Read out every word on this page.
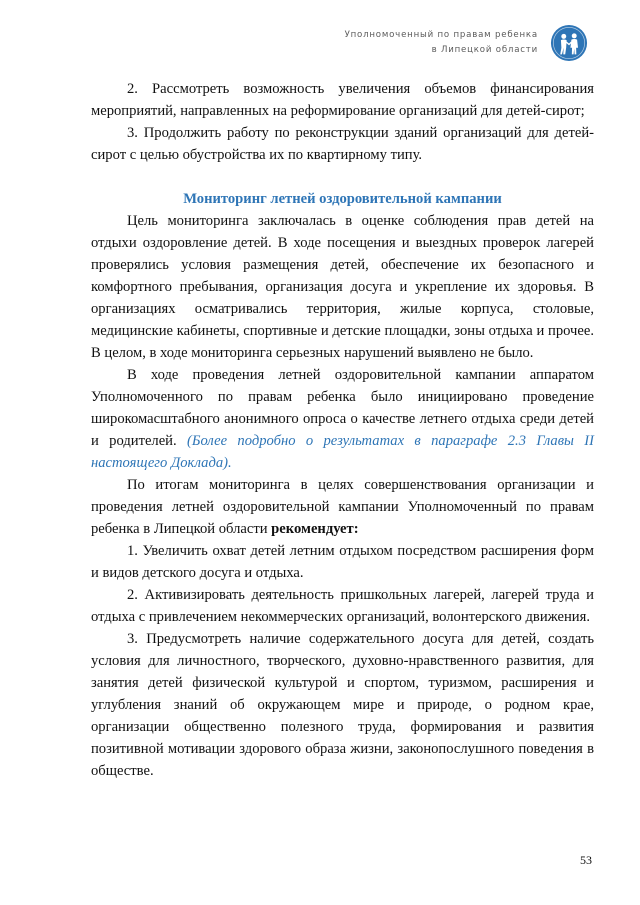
Уполномоченный по правам ребенка
в Липецкой области

2. Рассмотреть возможность увеличения объемов финансирования мероприятий, направленных на реформирование организаций для детей-сирот;

3. Продолжить работу по реконструкции зданий организаций для детей-сирот с целью обустройства их по квартирному типу.

Мониторинг летней оздоровительной кампании

Цель мониторинга заключалась в оценке соблюдения прав детей на отдыхи оздоровление детей. В ходе посещения и выездных проверок лагерей проверялись условия размещения детей, обеспечение их безопасного и комфортного пребывания, организация досуга и укрепление их здоровья. В организациях осматривались территория, жилые корпуса, столовые, медицинские кабинеты, спортивные и детские площадки, зоны отдыха и прочее. В целом, в ходе мониторинга серьезных нарушений выявлено не было.

В ходе проведения летней оздоровительной кампании аппаратом Уполномоченного по правам ребенка было инициировано проведение широкомасштабного анонимного опроса о качестве летнего отдыха среди детей и родителей. (Более подробно о результатах в параграфе 2.3 Главы II настоящего Доклада).

По итогам мониторинга в целях совершенствования организации и проведения летней оздоровительной кампании Уполномоченный по правам ребенка в Липецкой области рекомендует:

1. Увеличить охват детей летним отдыхом посредством расширения форм и видов детского досуга и отдыха.

2. Активизировать деятельность пришкольных лагерей, лагерей труда и отдыха с привлечением некоммерческих организаций, волонтерского движения.

3. Предусмотреть наличие содержательного досуга для детей, создать условия для личностного, творческого, духовно-нравственного развития, для занятия детей физической культурой и спортом, туризмом, расширения и углубления знаний об окружающем мире и природе, о родном крае, организации общественно полезного труда, формирования и развития позитивной мотивации здорового образа жизни, законопослушного поведения в обществе.

53
